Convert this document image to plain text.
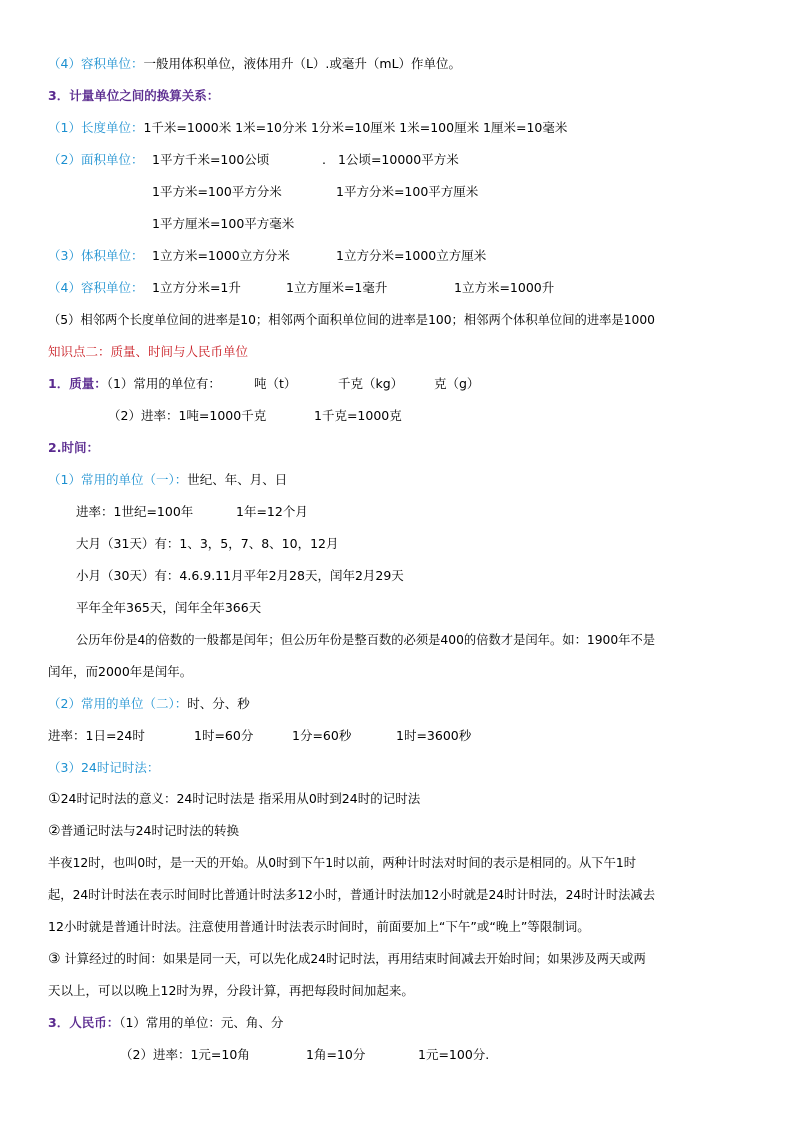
（4）容积单位：一般用体积单位，液体用升（L）.或毫升（mL）作单位。
3．计量单位之间的换算关系：
（1）长度单位：1千米=1000米 1米=10分米 1分米=10厘米 1米=100厘米 1厘米=10毫米
（2）面积单位： 1平方千米=100公顷	. 1公顷=10000平方米
1平方米=100平方分米	1平方分米=100平方厘米
1平方厘米=100平方毫米
（3）体积单位： 1立方米=1000立方分米	1立方分米=1000立方厘米
（4）容积单位： 1立方分米=1升	1立方厘米=1毫升	1立方米=1000升
（5）相邻两个长度单位间的进率是10；相邻两个面积单位间的进率是100；相邻两个体积单位间的进率是1000
知识点二：质量、时间与人民币单位
1．质量：（1）常用的单位有：	吨（t）	千克（kg） 克（g）
（2）进率：1吨=1000千克	1千克=1000克
2.时间：
（1）常用的单位（一）：世纪、年、月、日
进率：1世纪=100年	1年=12个月
大月（31天）有：1、3，5，7、8、10，12月
小月（30天）有：4.6.9.11月平年2月28天，闰年2月29天
平年全年365天，闰年全年366天
公历年份是4的倍数的一般都是闰年；但公历年份是整百数的必须是400的倍数才是闰年。如：1900年不是
闰年，而2000年是闰年。
（2）常用的单位（二）：时、分、秒
进率：1日=24时	1时=60分	1分=60秒	1时=3600秒
（3）24时记时法：
①24时记时法的意义：24时记时法是 指采用从0时到24时的记时法
②普通记时法与24时记时法的转换
半夜12时，也叫0时，是一天的开始。从0时到下午1时以前，两种计时法对时间的表示是相同的。从下午1时
起，24时计时法在表示时间时比普通计时法多12小时，普通计时法加12小时就是24时计时法，24时计时法减去
12小时就是普通计时法。注意使用普通计时法表示时间时，前面要加上“下午”或“晚上”等限制词。
③ 计算经过的时间：如果是同一天，可以先化成24时记时法，再用结束时间减去开始时间；如果涉及两天或两
天以上，可以以晚上12时为界，分段计算，再把每段时间加起来。
3．人民币：（1）常用的单位：元、角、分
（2）进率：1元=10角	1角=10分	1元=100分.
